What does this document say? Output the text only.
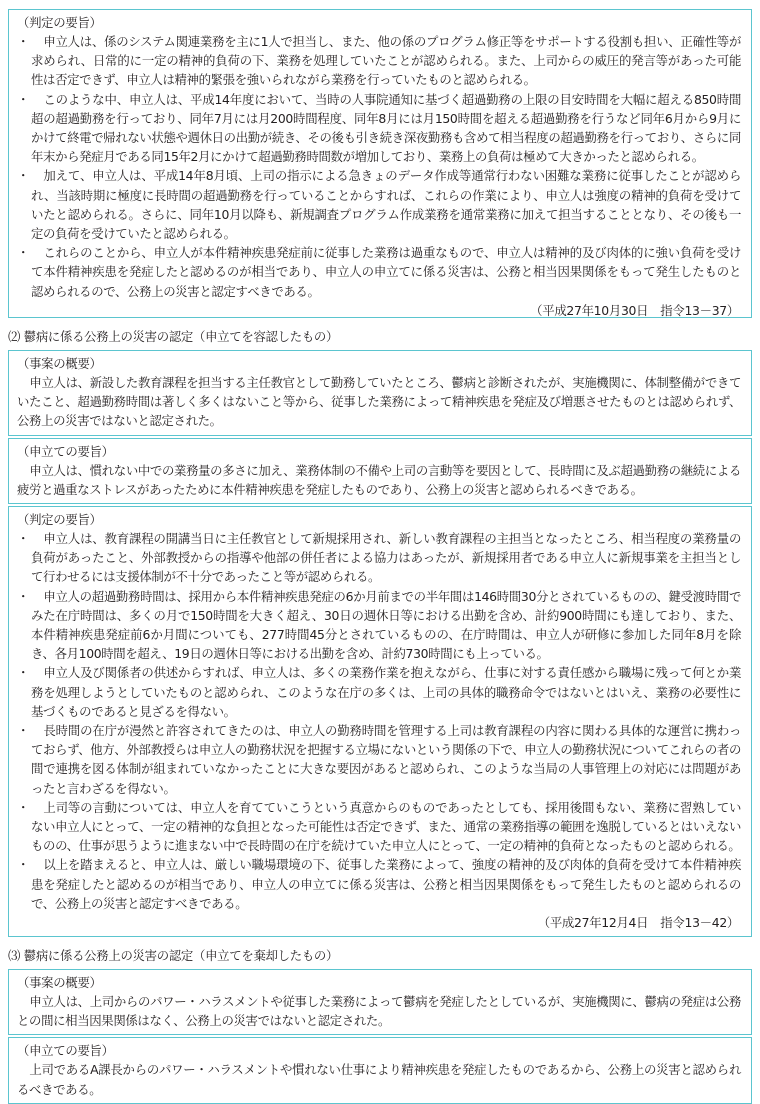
（判定の要旨）
・	申立人は、係のシステム関連業務を主に1人で担当し、また、他の係のプログラム修正等をサポートする役割も担い、正確性等が求められ、日常的に一定の精神的負荷の下、業務を処理していたことが認められる。また、上司からの威圧的発言等があった可能性は否定できず、申立人は精神的緊張を強いられながら業務を行っていたものと認められる。
・	このような中、申立人は、平成14年度において、当時の人事院通知に基づく超過勤務の上限の目安時間を大幅に超える850時間超の超過勤務を行っており、同年7月には月200時間程度、同年8月には月150時間を超える超過勤務を行うなど同年6月から9月にかけて終電で帰れない状態や週休日の出勤が続き、その後も引き続き深夜勤務も含めて相当程度の超過勤務を行っており、さらに同年末から発症月である同15年2月にかけて超過勤務時間数が増加しており、業務上の負荷は極めて大きかったと認められる。
・	加えて、申立人は、平成14年8月頃、上司の指示による急きょのデータ作成等通常行わない困難な業務に従事したことが認められ、当該時期に極度に長時間の超過勤務を行っていることからすれば、これらの作業により、申立人は強度の精神的負荷を受けていたと認められる。さらに、同年10月以降も、新規調査プログラム作成業務を通常業務に加えて担当することとなり、その後も一定の負荷を受けていたと認められる。
・	これらのことから、申立人が本件精神疾患発症前に従事した業務は過重なもので、申立人は精神的及び肉体的に強い負荷を受けて本件精神疾患を発症したと認めるのが相当であり、申立人の申立てに係る災害は、公務と相当因果関係をもって発生したものと認められるので、公務上の災害と認定すべきである。
（平成27年10月30日　指令13－37）
⑵ 鬱病に係る公務上の災害の認定（申立てを容認したもの）
（事案の概要）
申立人は、新設した教育課程を担当する主任教官として勤務していたところ、鬱病と診断されたが、実施機関に、体制整備ができていたこと、超過勤務時間は著しく多くはないこと等から、従事した業務によって精神疾患を発症及び増悪させたものとは認められず、公務上の災害ではないと認定された。
（申立ての要旨）
申立人は、慣れない中での業務量の多さに加え、業務体制の不備や上司の言動等を要因として、長時間に及ぶ超過勤務の継続による疲労と過重なストレスがあったために本件精神疾患を発症したものであり、公務上の災害と認められるべきである。
（判定の要旨）
・	申立人は、教育課程の開講当日に主任教官として新規採用され、新しい教育課程の主担当となったところ、相当程度の業務量の負荷があったこと、外部教授からの指導や他部の併任者による協力はあったが、新規採用者である申立人に新規事業を主担当として行わせるには支援体制が不十分であったこと等が認められる。
・	申立人の超過勤務時間は、採用から本件精神疾患発症の6か月前までの半年間は146時間30分とされているものの、鍵受渡時間でみた在庁時間は、多くの月で150時間を大きく超え、30日の週休日等における出勤を含め、計約900時間にも達しており、また、本件精神疾患発症前6か月間についても、277時間45分とされているものの、在庁時間は、申立人が研修に参加した同年8月を除き、各月100時間を超え、19日の週休日等における出勤を含め、計約730時間にも上っている。
・	申立人及び関係者の供述からすれば、申立人は、多くの業務作業を抱えながら、仕事に対する責任感から職場に残って何とか業務を処理しようとしていたものと認められ、このような在庁の多くは、上司の具体的職務命令ではないとはいえ、業務の必要性に基づくものであると見ざるを得ない。
・	長時間の在庁が漫然と許容されてきたのは、申立人の勤務時間を管理する上司は教育課程の内容に関わる具体的な運営に携わっておらず、他方、外部教授らは申立人の勤務状況を把握する立場にないという関係の下で、申立人の勤務状況についてこれらの者の間で連携を図る体制が組まれていなかったことに大きな要因があると認められ、このような当局の人事管理上の対応には問題があったと言わざるを得ない。
・	上司等の言動については、申立人を育てていこうという真意からのものであったとしても、採用後間もない、業務に習熟していない申立人にとって、一定の精神的な負担となった可能性は否定できず、また、通常の業務指導の範囲を逸脱しているとはいえないものの、仕事が思うように進まない中で長時間の在庁を続けていた申立人にとって、一定の精神的負荷となったものと認められる。
・	以上を踏まえると、申立人は、厳しい職場環境の下、従事した業務によって、強度の精神的及び肉体的負荷を受けて本件精神疾患を発症したと認めるのが相当であり、申立人の申立てに係る災害は、公務と相当因果関係をもって発生したものと認められるので、公務上の災害と認定すべきである。
（平成27年12月4日　指令13－42）
⑶ 鬱病に係る公務上の災害の認定（申立てを棄却したもの）
（事案の概要）
申立人は、上司からのパワー・ハラスメントや従事した業務によって鬱病を発症したとしているが、実施機関に、鬱病の発症は公務との間に相当因果関係はなく、公務上の災害ではないと認定された。
（申立ての要旨）
上司であるA課長からのパワー・ハラスメントや慣れない仕事により精神疾患を発症したものであるから、公務上の災害と認められるべきである。
